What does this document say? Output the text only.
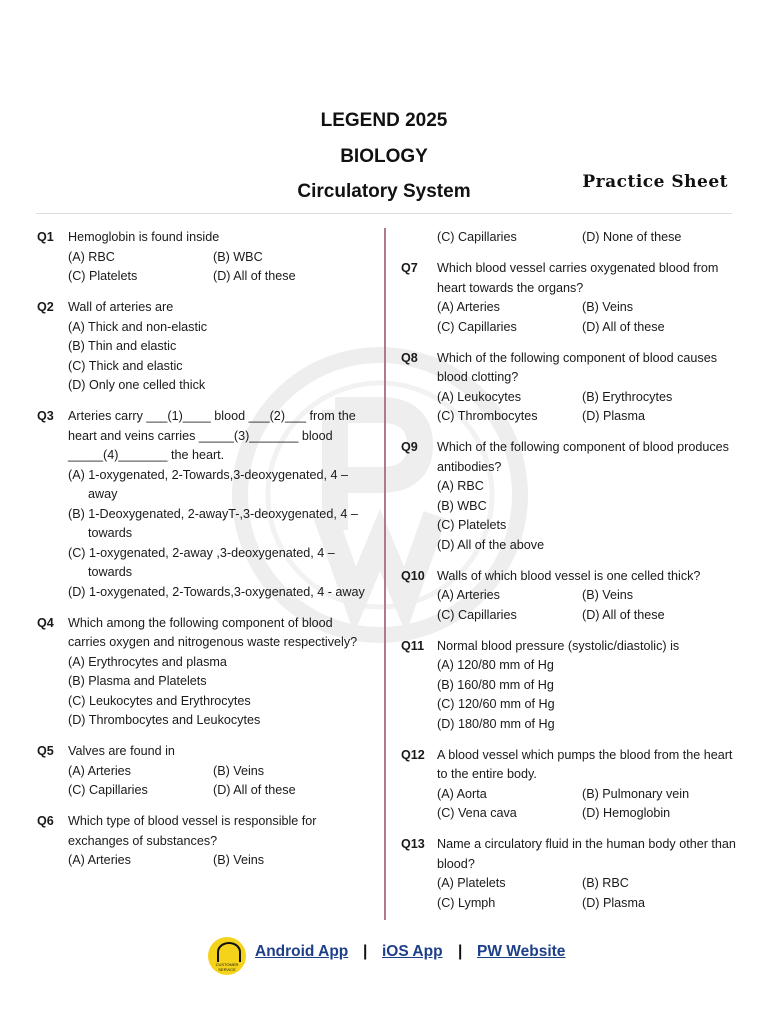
LEGEND 2025
BIOLOGY
Circulatory System	Practice Sheet
Q1 Hemoglobin is found inside
(A) RBC	(B) WBC
(C) Platelets	(D) All of these
Q2 Wall of arteries are
(A) Thick and non-elastic
(B) Thin and elastic
(C) Thick and elastic
(D) Only one celled thick
Q3 Arteries carry ___(1)____ blood ___(2)___ from the heart and veins carries _____(3)_______ blood _____(4)_______ the heart.
(A) 1-oxygenated, 2-Towards,3-deoxygenated, 4 –away
(B) 1-Deoxygenated, 2-awayT-,3-deoxygenated, 4 –towards
(C) 1-oxygenated, 2-away ,3-deoxygenated, 4 – towards
(D) 1-oxygenated, 2-Towards,3-oxygenated, 4 - away
Q4 Which among the following component of blood carries oxygen and nitrogenous waste respectively?
(A) Erythrocytes and plasma
(B) Plasma and Platelets
(C) Leukocytes and Erythrocytes
(D) Thrombocytes and Leukocytes
Q5 Valves are found in
(A) Arteries	(B) Veins
(C) Capillaries	(D) All of these
Q6 Which type of blood vessel is responsible for exchanges of substances?
(A) Arteries	(B) Veins
(C) Capillaries	(D) None of these
Q7 Which blood vessel carries oxygenated blood from heart towards the organs?
(A) Arteries	(B) Veins
(C) Capillaries	(D) All of these
Q8 Which of the following component of blood causes blood clotting?
(A) Leukocytes	(B) Erythrocytes
(C) Thrombocytes	(D) Plasma
Q9 Which of the following component of blood produces antibodies?
(A) RBC
(B) WBC
(C) Platelets
(D) All of the above
Q10 Walls of which blood vessel is one celled thick?
(A) Arteries	(B) Veins
(C) Capillaries	(D) All of these
Q11 Normal blood pressure (systolic/diastolic) is
(A) 120/80 mm of Hg
(B) 160/80 mm of Hg
(C) 120/60 mm of Hg
(D) 180/80 mm of Hg
Q12 A blood vessel which pumps the blood from the heart to the entire body.
(A) Aorta	(B) Pulmonary vein
(C) Vena cava	(D) Hemoglobin
Q13 Name a circulatory fluid in the human body other than blood?
(A) Platelets	(B) RBC
(C) Lymph	(D) Plasma
CUSTOMER SERVICE
Android App | iOS App | PW Website
